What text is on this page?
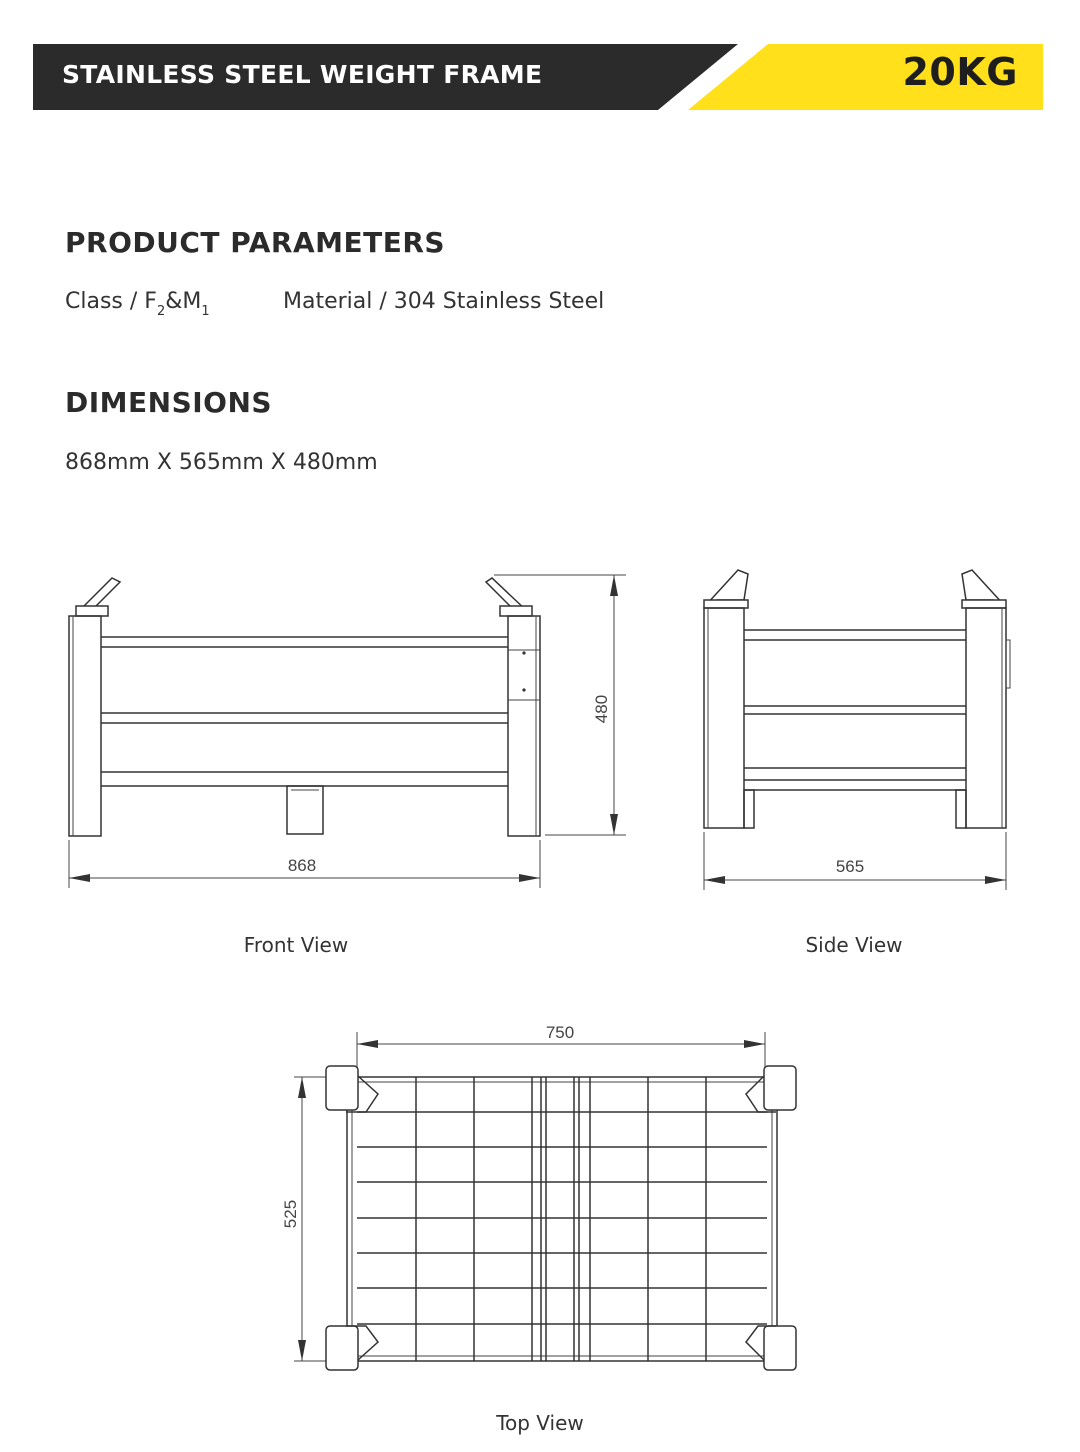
STAINLESS STEEL WEIGHT FRAME	20KG
PRODUCT PARAMETERS
Class / $F_2\&M_1$	Material / 304 Stainless Steel
DIMENSIONS
868mm X 565mm X 480mm
868
480
565
750
525
Front View	Side View
Top View
